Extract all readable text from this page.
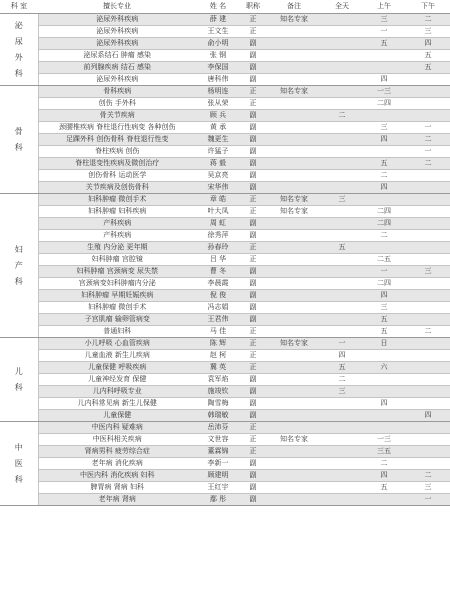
科 室	擅长专业	姓 名	职称	备注	全天	上午	下午

泌尿外科	泌尿外科疾病	薛 建	正	知名专家		三	二
	泌尿外科疾病	王文生	正			一	三
	泌尿外科疾病	俞小明	副			五	四
	泌尿系结石 肿瘤 感染	张 钢	副				五
	前列腺疾病 结石 感染	李保国	副				五
	泌尿外科疾病	唐科伟	副			四	

骨科	骨科疾病	杨明连	正	知名专家		一三	
	创伤 手外科	张从荣	正			二四	
	骨关节疾病	顾 兵	副		二		
	颈腰椎疾病 脊柱退行性病变 各种创伤	黄 承	副			三	一
	足踝外科 创伤骨科 脊柱退行性变	魏更生	副			四	二
	脊柱疾病 创伤	许猛子	副				一
	脊柱退变性疾病及微创治疗	蒋 毅	副			五	二
	创伤骨科 运动医学	吴京亮	副			二	
	关节疾病及创伤骨科	宋华伟	副			四	

妇产科	妇科肿瘤 微创手术	章 皓	正	知名专家	三		
	妇科肿瘤 妇科疾病	叶大凤	正	知名专家		二四	
	产科疾病	周 虹	副			二四	
	产科疾病	徐秀萍	副			二	
	生殖 内分泌 更年期	孙春玲	正		五		
	妇科肿瘤 宫腔镜	吕 华	正			二五	
	妇科肿瘤 宫颈病变 尿失禁	曹 冬	副			一	三
	宫颈病变妇科肿瘤内分泌	李晨霞	副			二四	
	妇科肿瘤 早期妊娠疾病	倪 俊	副			四	
	妇科肿瘤 微创手术	冯志娟	副			三	
	子宫肌瘤 输卵管病变	王君伟	副			五	
	普通妇科	马 佳	正			五	二

儿科	小儿呼吸 心血管疾病	陈 辉	正	知名专家	一	日	
	儿童血液 新生儿疾病	赵 柯	正		四		
	儿童保健 呼吸疾病	冀 英	正		五	六	
	儿童神经发育 保健	袁军焰	副		二		
	儿内科呼吸专业	施竣钦	副		三		
	儿内科常见病 新生儿保健	陶雪梅	副			四	
	儿童保健	韩瑞敏	副				四

中医科	中医内科 疑难病	岳沛芬	正				
	中医科相关疾病	文世容	正	知名专家		一三	
	肾病男科 疲劳综合症	董霖锦	正			三五	
	老年病 消化疾病	李新一	副			二	
	中医内科 消化疾病 妇科	顾建明	副			四	二
	脾胃病 肾病 妇科	王红宇	副			五	三
	老年病 肾病	鄢 彤	副				一
